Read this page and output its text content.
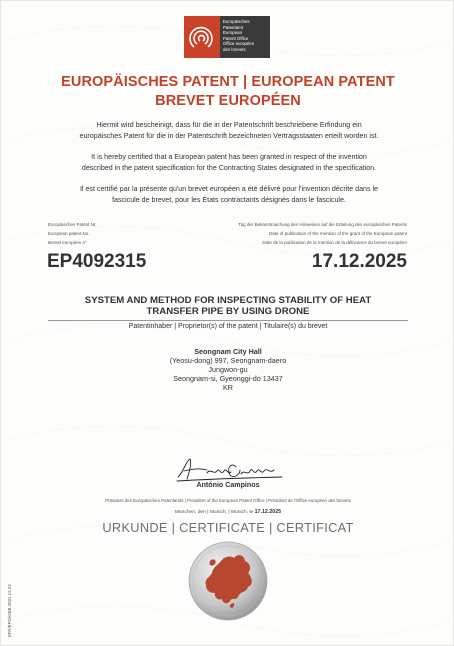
Europäisches
Patentamt
European
Patent Office
Office européen
des brevets
EUROPÄISCHES PATENT | EUROPEAN PATENT
BREVET EUROPÉEN
Hiermit wird bescheinigt, dass für die in der Patentschrift beschriebene Erfindung ein
europäisches Patent für die in der Patentschrift bezeichneten Vertragsstaaten erteilt worden ist.
It is hereby certified that a European patent has been granted in respect of the invention
described in the patent specification for the Contracting States designated in the specification.
Il est certifié par la présente qu'un brevet européen a été délivré pour l'invention décrite dans le
fascicule de brevet, pour les États contractants désignés dans le fascicule.
Europäisches Patent Nr.
European patent No.
Brevet européen n°
Tag der Bekanntmachung des Hinweises auf die Erteilung des europäischen Patents
Date of publication of the mention of the grant of the European patent
Date de la publication de la mention de la délivrance du brevet européen
EP4092315	17.12.2025
SYSTEM AND METHOD FOR INSPECTING STABILITY OF HEAT
TRANSFER PIPE BY USING DRONE
Patentinhaber | Proprietor(s) of the patent | Titulaire(s) du brevet
Seongnam City Hall
(Yeosu-dong) 997, Seongnam-daero
Jungwon-gu
Seongnam-si, Gyeonggi-do 13437
KR
António Campinos
Präsident des Europäischen Patentamts | President of the European Patent Office | Président de l'Office européen des brevets
München, den | Munich, | Munich, le 17.12.2025
URKUNDE | CERTIFICATE | CERTIFICAT
EPA/EPO/OEB 2031 12.22
